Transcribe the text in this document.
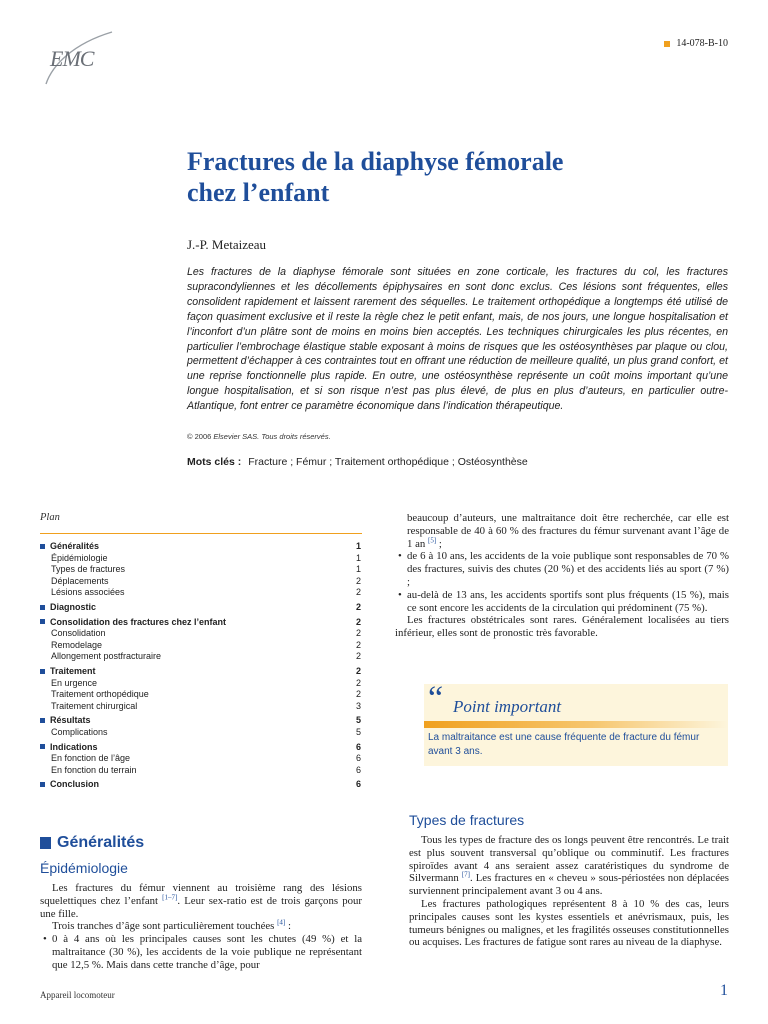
EMC
14-078-B-10
Fractures de la diaphyse fémorale
chez l’enfant
J.-P. Metaizeau
Les fractures de la diaphyse fémorale sont situées en zone corticale, les fractures du col, les fractures supracondyliennes et les décollements épiphysaires en sont donc exclus. Ces lésions sont fréquentes, elles consolident rapidement et laissent rarement des séquelles. Le traitement orthopédique a longtemps été utilisé de façon quasiment exclusive et il reste la règle chez le petit enfant, mais, de nos jours, une longue hospitalisation et l’inconfort d’un plâtre sont de moins en moins bien acceptés. Les techniques chirurgicales les plus récentes, en particulier l’embrochage élastique stable exposant à moins de risques que les ostéosynthèses par plaque ou clou, permettent d’échapper à ces contraintes tout en offrant une réduction de meilleure qualité, un plus grand confort, et une reprise fonctionnelle plus rapide. En outre, une ostéosynthèse représente un coût moins important qu’une longue hospitalisation, et si son risque n’est pas plus élevé, de plus en plus d’auteurs, en particulier outre-Atlantique, font entrer ce paramètre économique dans l’indication thérapeutique.
© 2006 Elsevier SAS. Tous droits réservés.
Mots clés : Fracture ; Fémur ; Traitement orthopédique ; Ostéosynthèse
Plan
Généralités	1
Épidémiologie	1
Types de fractures	1
Déplacements	2
Lésions associées	2
Diagnostic	2
Consolidation des fractures chez l’enfant	2
Consolidation	2
Remodelage	2
Allongement postfracturaire	2
Traitement	2
En urgence	2
Traitement orthopédique	2
Traitement chirurgical	3
Résultats	5
Complications	5
Indications	6
En fonction de l’âge	6
En fonction du terrain	6
Conclusion	6
Généralités
Épidémiologie

Les fractures du fémur viennent au troisième rang des lésions squelettiques chez l’enfant [1–7]. Leur sex-ratio est de trois garçons pour une fille.

Trois tranches d’âge sont particulièrement touchées [4] :

• 0 à 4 ans où les principales causes sont les chutes (49 %) et la maltraitance (30 %), les accidents de la voie publique ne représentant que 12,5 %. Mais dans cette tranche d’âge, pour

beaucoup d’auteurs, une maltraitance doit être recherchée, car elle est responsable de 40 à 60 % des fractures du fémur survenant avant l’âge de 1 an [5] ;

• de 6 à 10 ans, les accidents de la voie publique sont responsables de 70 % des fractures, suivis des chutes (20 %) et des accidents liés au sport (7 %) ;

• au-delà de 13 ans, les accidents sportifs sont plus fréquents (15 %), mais ce sont encore les accidents de la circulation qui prédominent (75 %).

Les fractures obstétricales sont rares. Généralement localisées au tiers inférieur, elles sont de pronostic très favorable.

“ Point important
La maltraitance est une cause fréquente de fracture du fémur avant 3 ans.
Types de fractures

Tous les types de fracture des os longs peuvent être rencontrés. Le trait est plus souvent transversal qu’oblique ou comminutif. Les fractures spiroïdes avant 4 ans seraient assez caratéristiques du syndrome de Silvermann [7]. Les fractures en « cheveu » sous-périostées non déplacées surviennent principalement avant 3 ou 4 ans.

Les fractures pathologiques représentent 8 à 10 % des cas, leurs principales causes sont les kystes essentiels et anévrismaux, puis, les tumeurs bénignes ou malignes, et les fragilités osseuses constitutionnelles ou acquises. Les fractures de fatigue sont rares au niveau de la diaphyse.

Appareil locomoteur	1
